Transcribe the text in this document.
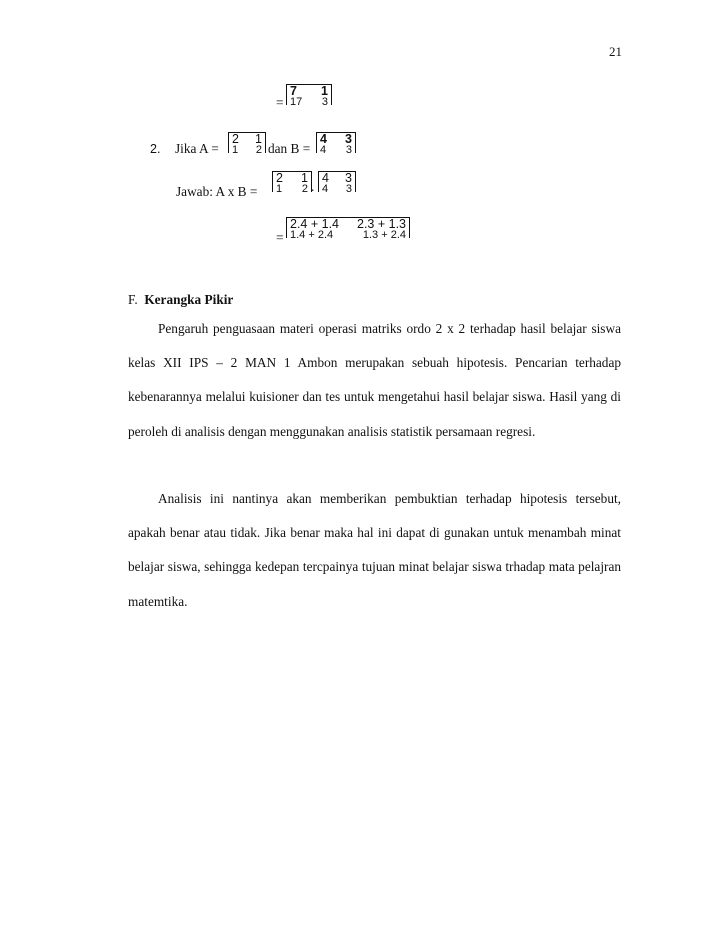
21
=
7 1
17 3
2. Jika A =
2 1
1 2 dan B =
4 3
4 3
Jawab: A x B =
2 1
1 2 .
4 3
4 3
=
2.4 + 1.4 2.3 + 1.3
1.4 + 2.4	1.3 + 2.4
F. Kerangka Pikir

Pengaruh penguasaan materi operasi matriks ordo 2 x 2 terhadap hasil belajar siswa kelas XII IPS – 2 MAN 1 Ambon merupakan sebuah hipotesis. Pencarian terhadap kebenarannya melalui kuisioner dan tes untuk mengetahui hasil belajar siswa. Hasil yang di peroleh di analisis dengan menggunakan analisis statistik persamaan regresi.

Analisis ini nantinya akan memberikan pembuktian terhadap hipotesis tersebut, apakah benar atau tidak. Jika benar maka hal ini dapat di gunakan untuk menambah minat belajar siswa, sehingga kedepan tercpainya tujuan minat belajar siswa trhadap mata pelajran matemtika.
